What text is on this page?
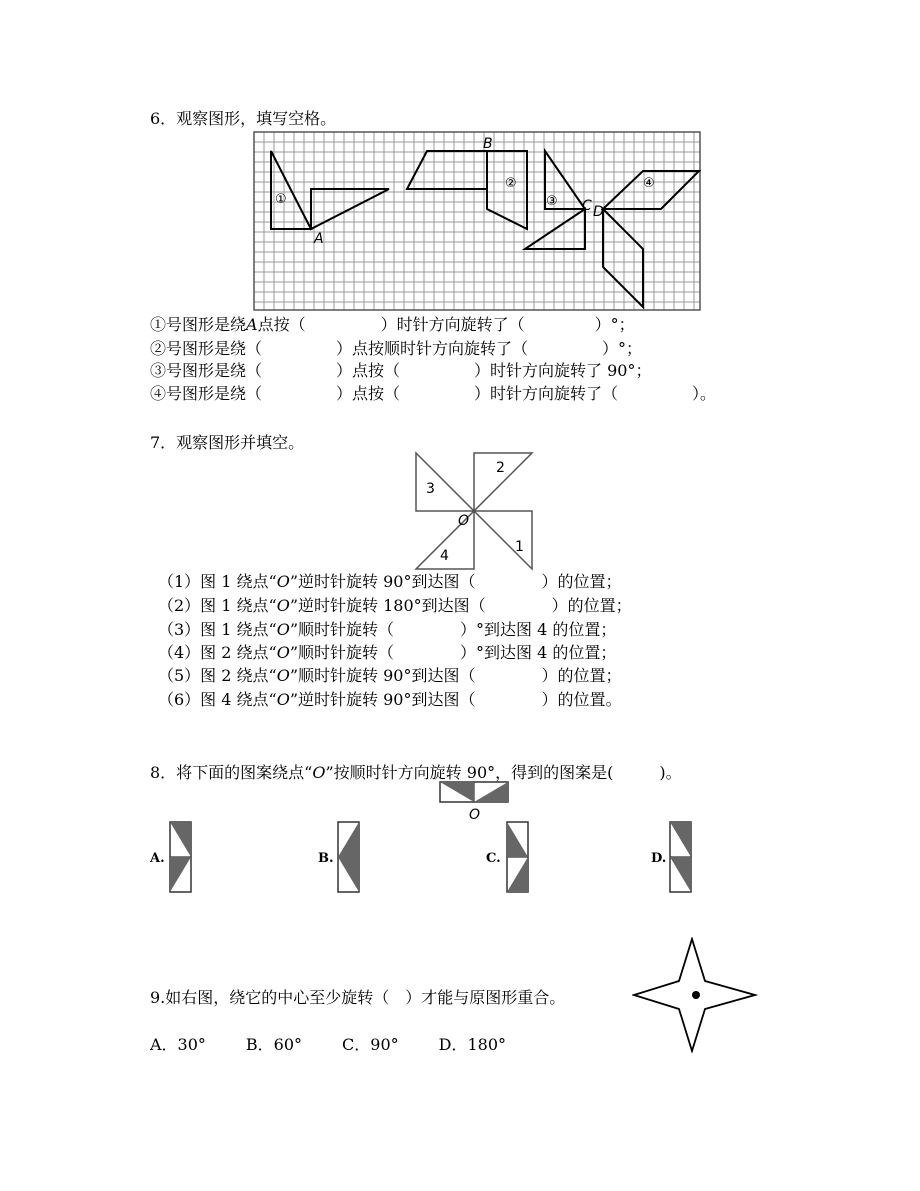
6．观察图形，填写空格。
①
②
③
④
A
B
C D
①号图形是绕A点按（	）时针方向旋转了（	）°；
②号图形是绕（	）点按顺时针方向旋转了（	）°；
③号图形是绕（	）点按（	）时针方向旋转了 90°；
④号图形是绕（	）点按（	）时针方向旋转了（	）。
7．观察图形并填空。
2
3
4
1
O
（1）图 1 绕点“O”逆时针旋转 90°到达图（	）的位置；
（2）图 1 绕点“O”逆时针旋转 180°到达图（	）的位置；
（3）图 1 绕点“O”顺时针旋转（	）°到达图 4 的位置；
（4）图 2 绕点“O”顺时针旋转（	）°到达图 4 的位置；
（5）图 2 绕点“O”顺时针旋转 90°到达图（	）的位置；
（6）图 4 绕点“O”逆时针旋转 90°到达图（	）的位置。
8．将下面的图案绕点“O”按顺时针方向旋转 90°，得到的图案是(	)。
O
A.	B.	C.	D.
9.如右图，绕它的中心至少旋转（　）才能与原图形重合。
A．30°	B．60°	C．90°	D．180°
